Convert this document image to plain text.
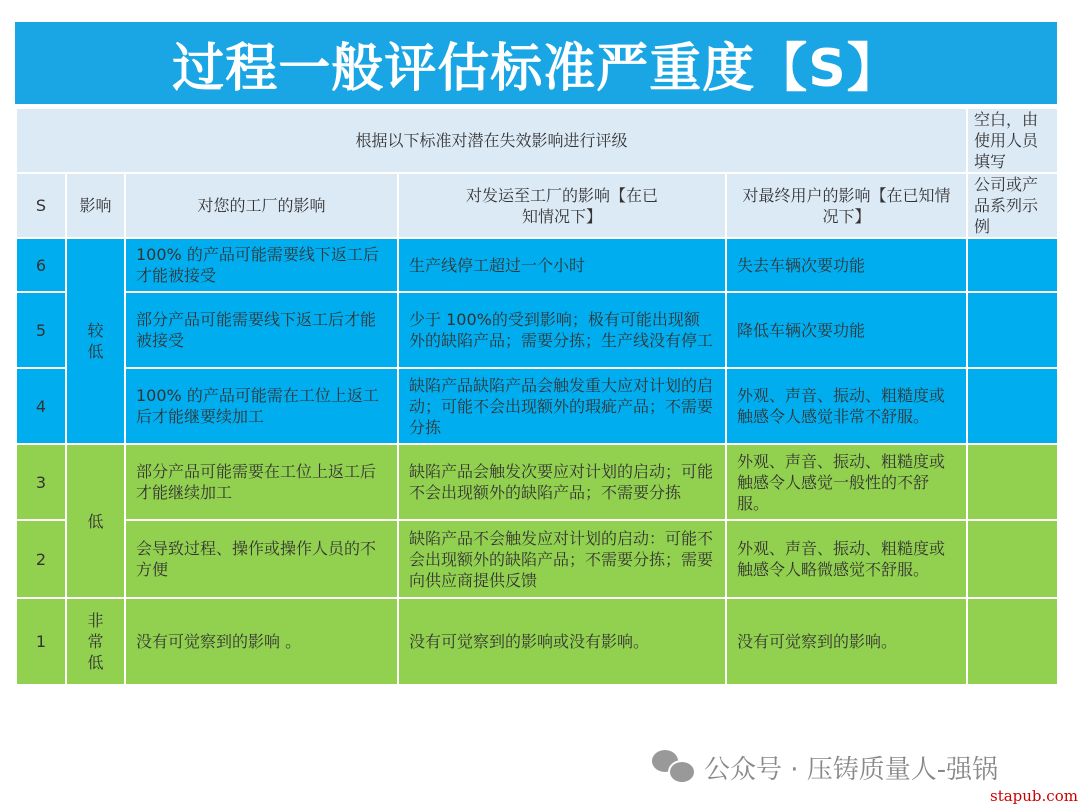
过程一般评估标准严重度【S】
根据以下标准对潜在失效影响进行评级					空白，由使用人员填写
S	影响	对您的工厂的影响	对发运至工厂的影响【在已知情况下】	对最终用户的影响【在已知情况下】	公司或产品系列示例
6	较低	100% 的产品可能需要线下返工后才能被接受	生产线停工超过一个小时	失去车辆次要功能	
5		部分产品可能需要线下返工后才能被接受	少于 100%的受到影响；极有可能出现额外的缺陷产品；需要分拣；生产线没有停工	降低车辆次要功能	
4		100% 的产品可能需在工位上返工后才能继要续加工	缺陷产品缺陷产品会触发重大应对计划的启动；可能不会出现额外的瑕疵产品；不需要分拣	外观、声音、振动、粗糙度或触感令人感觉非常不舒服。	
3	低	部分产品可能需要在工位上返工后才能继续加工	缺陷产品会触发次要应对计划的启动；可能不会出现额外的缺陷产品；不需要分拣	外观、声音、振动、粗糙度或触感令人感觉一般性的不舒服。	
2		会导致过程、操作或操作人员的不方便	缺陷产品不会触发应对计划的启动：可能不会出现额外的缺陷产品；不需要分拣；需要向供应商提供反馈	外观、声音、振动、粗糙度或触感令人略微感觉不舒服。	
1	非常低	没有可觉察到的影响 。	没有可觉察到的影响或没有影响。	没有可觉察到的影响。	
公众号 · 压铸质量人-强锅
stapub.com
